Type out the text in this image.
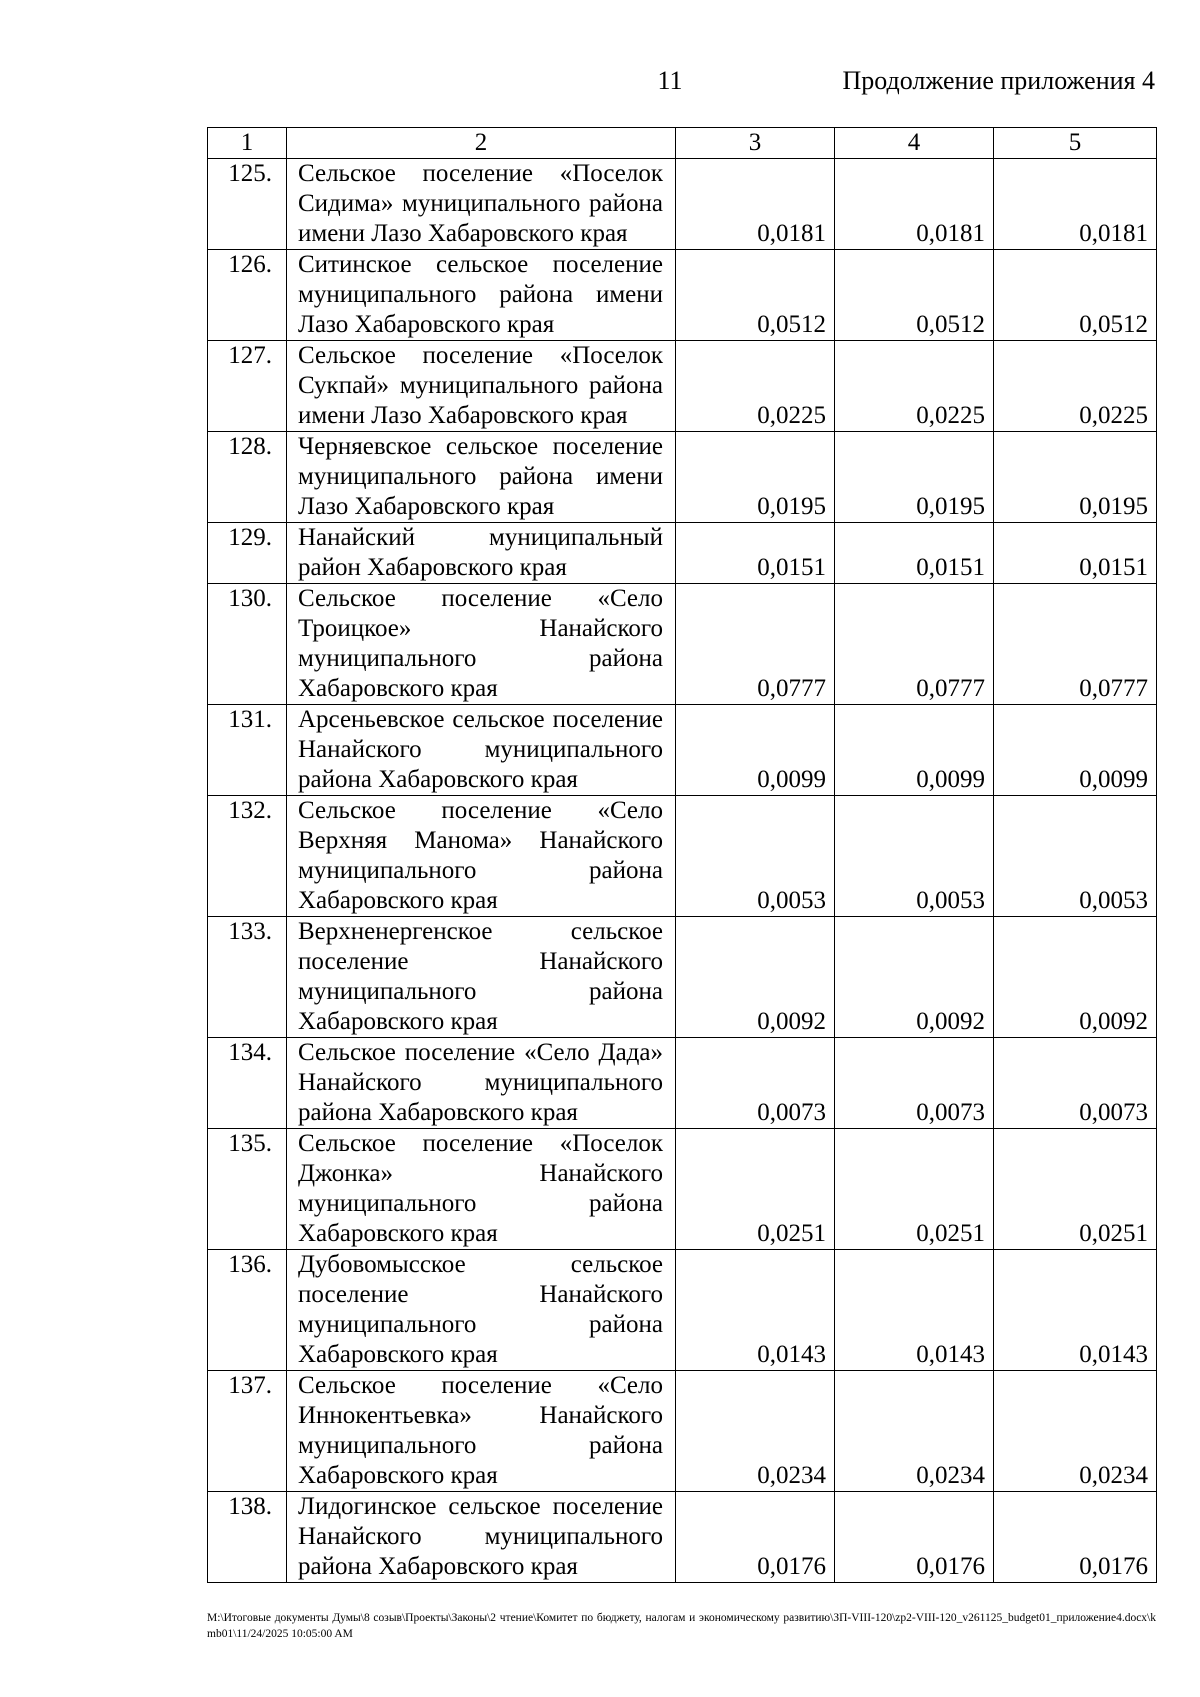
11	Продолжение приложения 4
1	2	3	4	5
125.	Сельское поселение «Поселок Сидима» муниципального района имени Лазо Хабаровского края	0,0181	0,0181	0,0181
126.	Ситинское сельское поселение муниципального района имени Лазо Хабаровского края	0,0512	0,0512	0,0512
127.	Сельское поселение «Поселок Сукпай» муниципального района имени Лазо Хабаровского края	0,0225	0,0225	0,0225
128.	Черняевское сельское поселение муниципального района имени Лазо Хабаровского края	0,0195	0,0195	0,0195
129.	Нанайский муниципальный район Хабаровского края	0,0151	0,0151	0,0151
130.	Сельское поселение «Село Троицкое» Нанайского муниципального района Хабаровского края	0,0777	0,0777	0,0777
131.	Арсеньевское сельское поселение Нанайского муниципального района Хабаровского края	0,0099	0,0099	0,0099
132.	Сельское поселение «Село Верхняя Манома» Нанайского муниципального района Хабаровского края	0,0053	0,0053	0,0053
133.	Верхненергенское сельское поселение Нанайского муниципального района Хабаровского края	0,0092	0,0092	0,0092
134.	Сельское поселение «Село Дада» Нанайского муниципального района Хабаровского края	0,0073	0,0073	0,0073
135.	Сельское поселение «Поселок Джонка» Нанайского муниципального района Хабаровского края	0,0251	0,0251	0,0251
136.	Дубовомысское сельское поселение Нанайского муниципального района Хабаровского края	0,0143	0,0143	0,0143
137.	Сельское поселение «Село Иннокентьевка» Нанайского муниципального района Хабаровского края	0,0234	0,0234	0,0234
138.	Лидогинское сельское поселение Нанайского муниципального района Хабаровского края	0,0176	0,0176	0,0176
М:\Итоговые документы Думы\8 созыв\Проекты\Законы\2 чтение\Комитет по бюджету, налогам и экономическому развитию\ЗП-VIII-120\zp2-VIII-120_v261125_budget01_приложение4.docx\kmb01\11/24/2025 10:05:00 AM
